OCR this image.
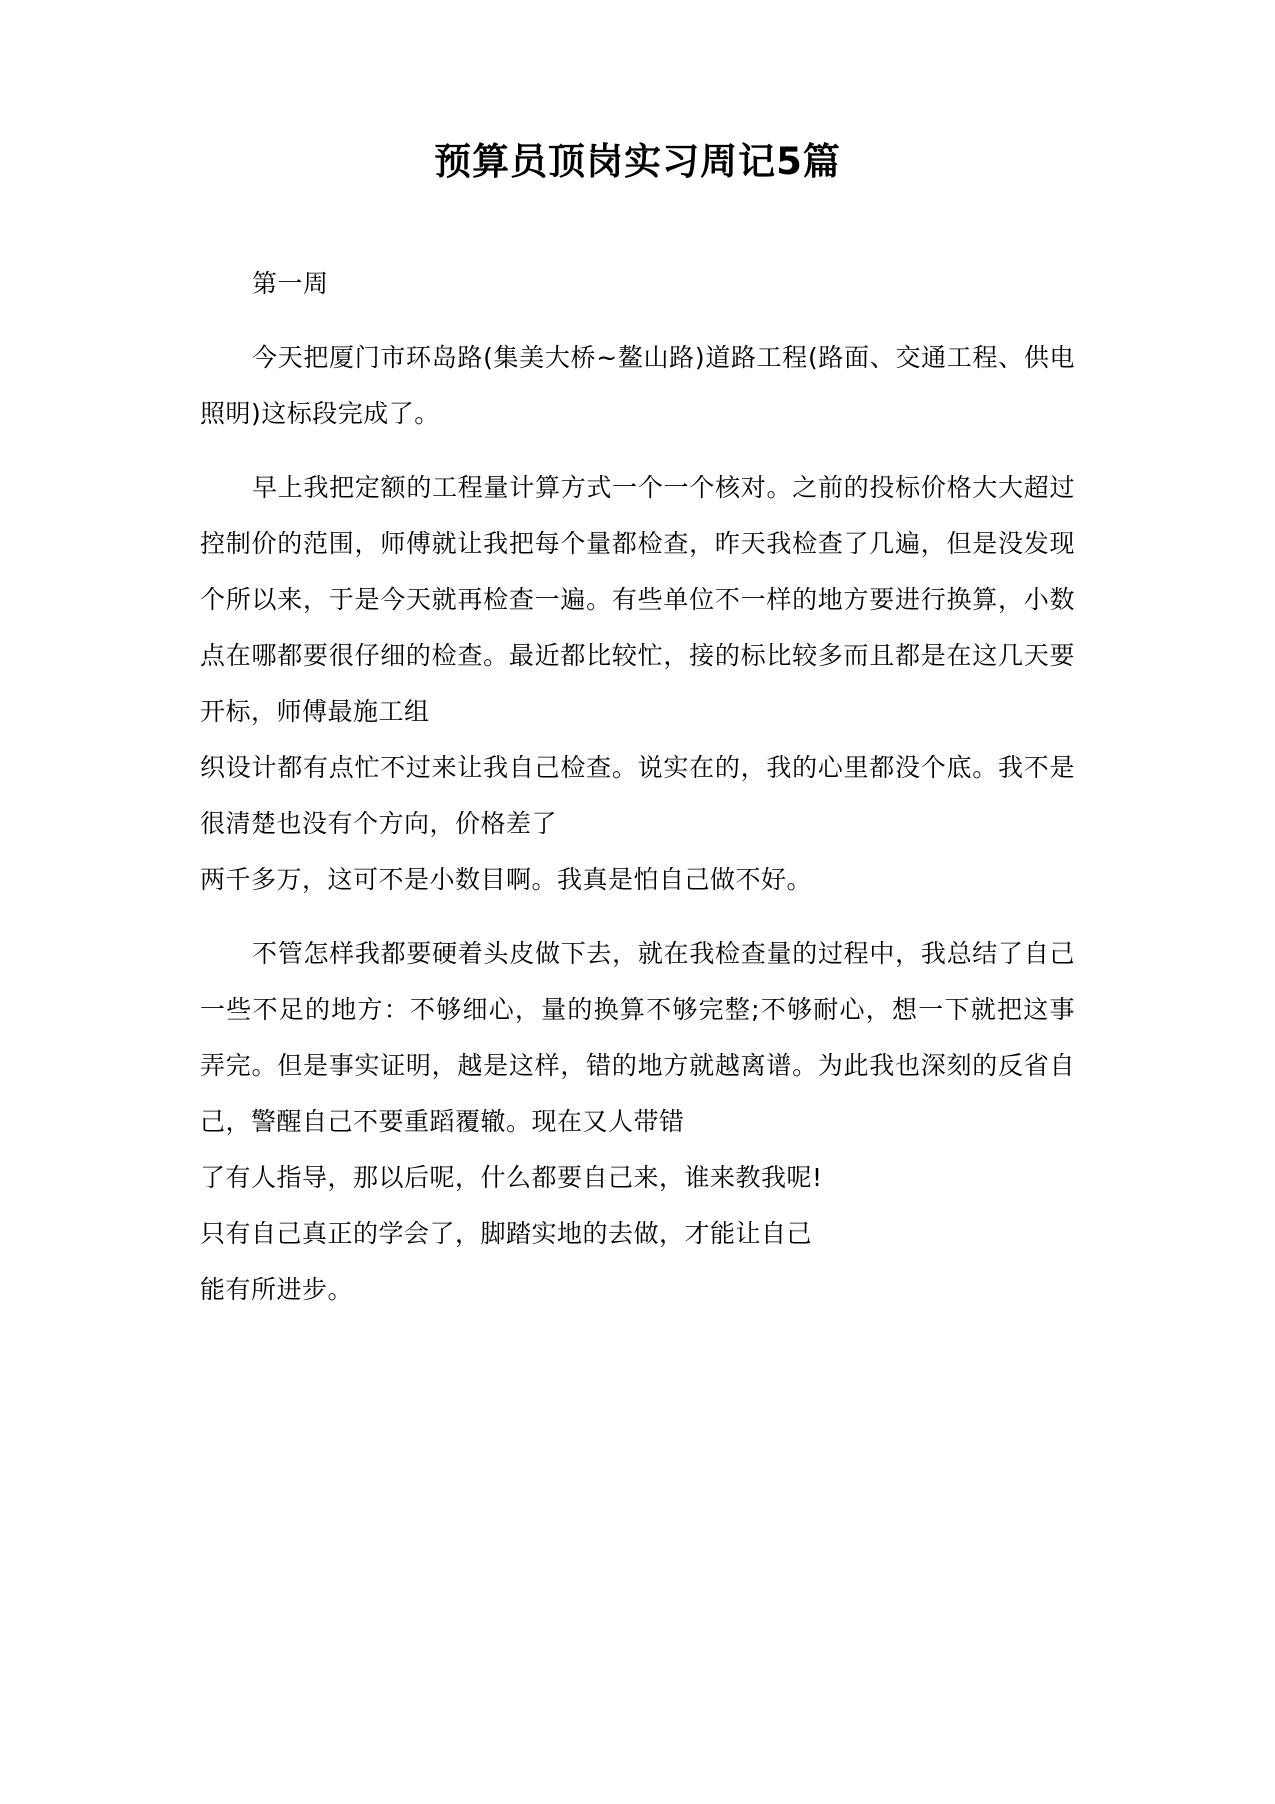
预算员顶岗实习周记5篇

第一周

今天把厦门市环岛路(集美大桥~鳌山路)道路工程(路面、交通工程、供电照明)这标段完成了。

早上我把定额的工程量计算方式一个一个核对。之前的投标价格大大超过控制价的范围，师傅就让我把每个量都检查，昨天我检查了几遍，但是没发现个所以来，于是今天就再检查一遍。有些单位不一样的地方要进行换算，小数点在哪都要很仔细的检查。最近都比较忙，接的标比较多而且都是在这几天要开标，师傅最施工组

织设计都有点忙不过来让我自己检查。说实在的，我的心里都没个底。我不是很清楚也没有个方向，价格差了

两千多万，这可不是小数目啊。我真是怕自己做不好。

不管怎样我都要硬着头皮做下去，就在我检查量的过程中，我总结了自己一些不足的地方：不够细心，量的换算不够完整;不够耐心，想一下就把这事弄完。但是事实证明，越是这样，错的地方就越离谱。为此我也深刻的反省自己，警醒自己不要重蹈覆辙。现在又人带错

了有人指导，那以后呢，什么都要自己来，谁来教我呢!

只有自己真正的学会了，脚踏实地的去做，才能让自己

能有所进步。
